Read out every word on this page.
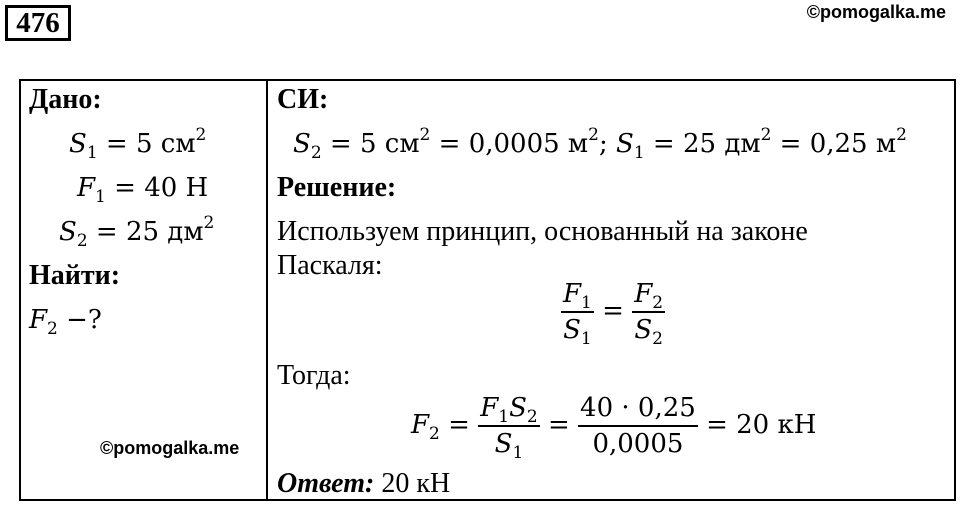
476	©pomogalka.me
Дано:
$S_1 = 5$ $см^2$
$F_1 = 40$ Н
$S_2 = 25$ $дм^2$
Найти:
$F_2$ −?
СИ:
$S_2 = 5$ $см^2 = 0,0005$ $м^2$; $S_1 = 25$ $дм^2 = 0,25$ $м^2$
Решение:
Используем принцип, основанный на законе
Паскаля:
$\frac{F_1}{S_1} = \frac{F_2}{S_2}$
Тогда:
$F_2 = \frac{F_1S_2}{S_1} = \frac{40 \cdot 0,25}{0,0005} = 20$ кН
Ответ: 20 кН
©pomogalka.me
